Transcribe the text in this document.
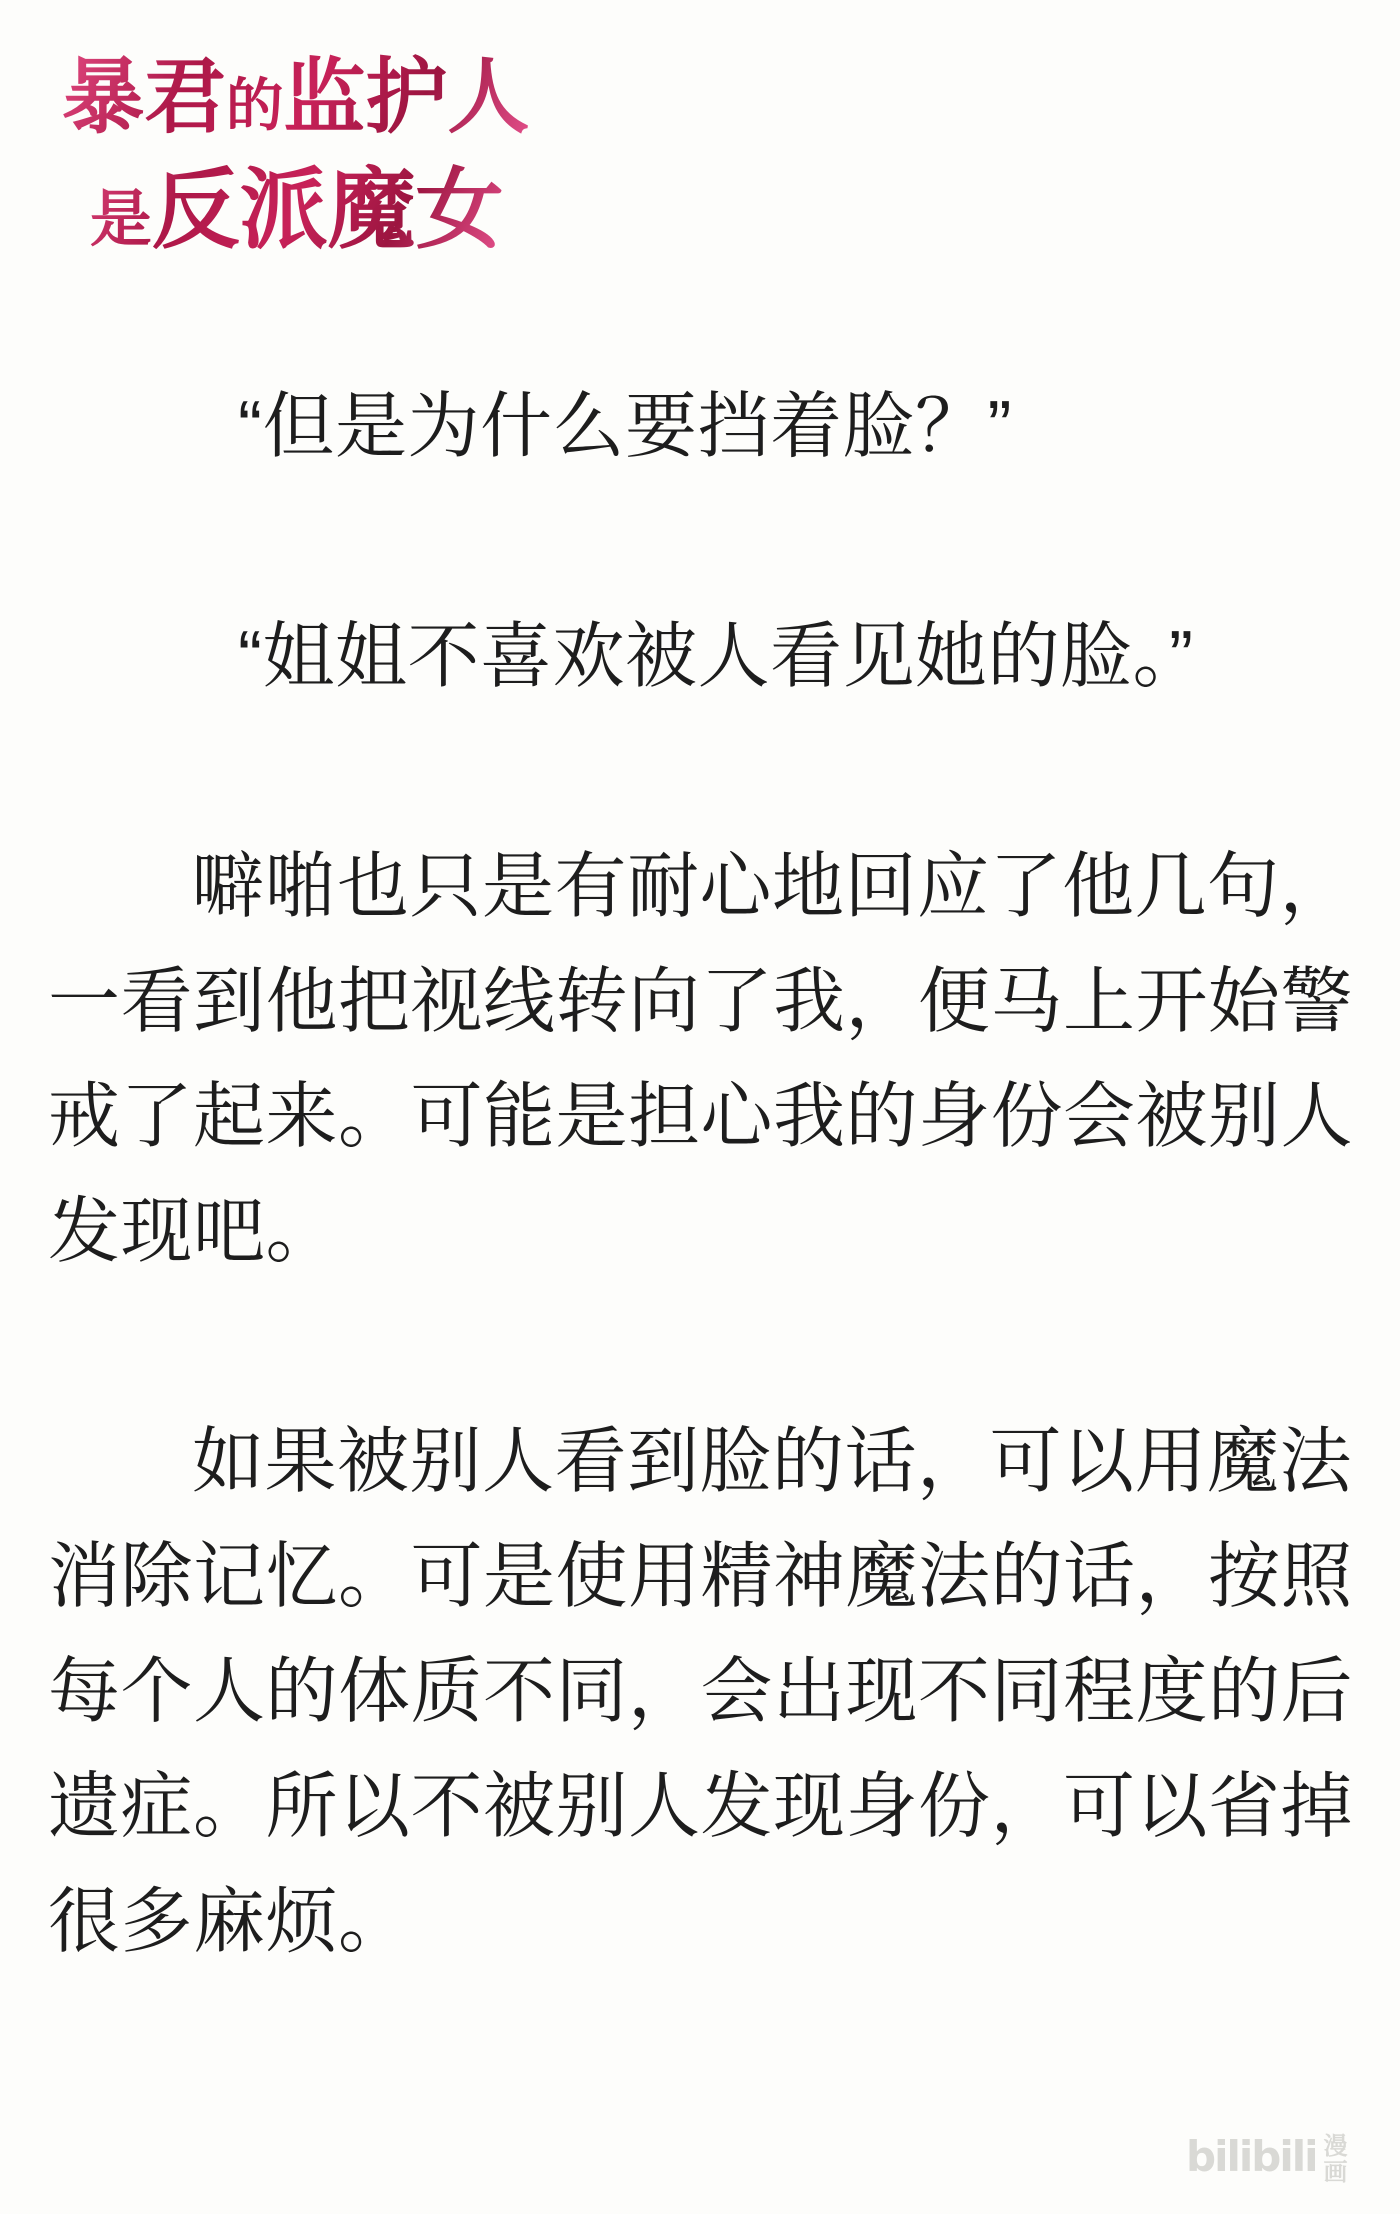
暴君的监护人
是反派魔女
“但是为什么要挡着脸？”
“姐姐不喜欢被人看见她的脸。”
噼啪也只是有耐心地回应了他几句，
一看到他把视线转向了我，便马上开始警
戒了起来。可能是担心我的身份会被别人
发现吧。
如果被别人看到脸的话，可以用魔法
消除记忆。可是使用精神魔法的话，按照
每个人的体质不同，会出现不同程度的后
遗症。所以不被别人发现身份，可以省掉
很多麻烦。
bilibili 漫
画
